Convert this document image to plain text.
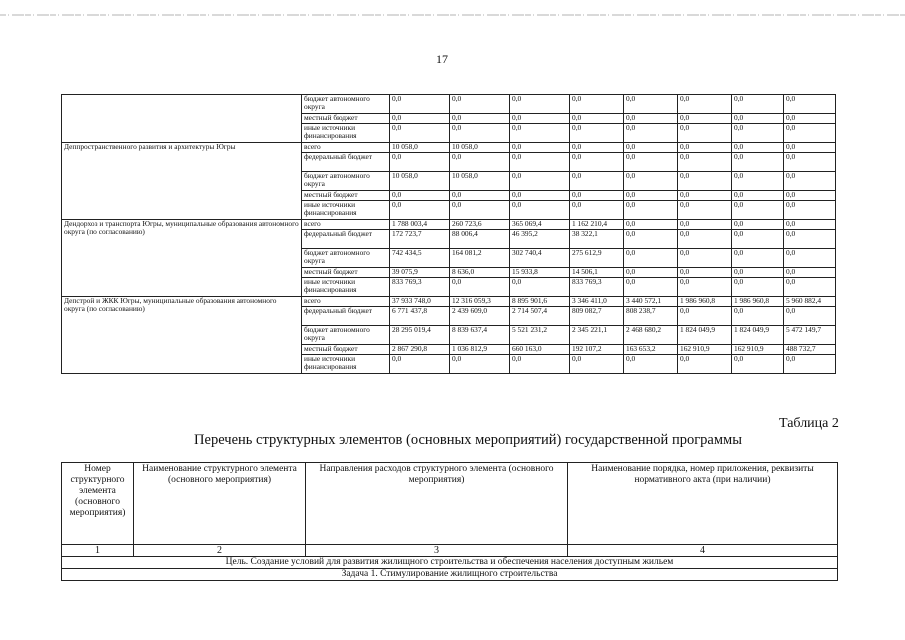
17
	бюджет автономного округа	0,0	0,0	0,0	0,0	0,0	0,0	0,0	0,0
	местный бюджет	0,0	0,0	0,0	0,0	0,0	0,0	0,0	0,0
	иные источники финансирования	0,0	0,0	0,0	0,0	0,0	0,0	0,0	0,0
Деппространственного развития и архитектуры Югры	всего	10 058,0	10 058,0	0,0	0,0	0,0	0,0	0,0	0,0
	федеральный бюджет	0,0	0,0	0,0	0,0	0,0	0,0	0,0	0,0
	бюджет автономного округа	10 058,0	10 058,0	0,0	0,0	0,0	0,0	0,0	0,0
	местный бюджет	0,0	0,0	0,0	0,0	0,0	0,0	0,0	0,0
	иные источники финансирования	0,0	0,0	0,0	0,0	0,0	0,0	0,0	0,0
Дендорхоз и транспорта Югры, муниципальные образования автономного округа (по согласованию)	всего	1 788 003,4	260 723,6	365 069,4	1 162 210,4	0,0	0,0	0,0	0,0
	федеральный бюджет	172 723,7	88 006,4	46 395,2	38 322,1	0,0	0,0	0,0	0,0
	бюджет автономного округа	742 434,5	164 081,2	302 740,4	275 612,9	0,0	0,0	0,0	0,0
	местный бюджет	39 075,9	8 636,0	15 933,8	14 506,1	0,0	0,0	0,0	0,0
	иные источники финансирования	833 769,3	0,0	0,0	833 769,3	0,0	0,0	0,0	0,0
Депстрой и ЖКК Югры, муниципальные образования автономного округа (по согласованию)	всего	37 933 748,0	12 316 059,3	8 895 901,6	3 346 411,0	3 440 572,1	1 986 960,8	1 986 960,8	5 960 882,4
	федеральный бюджет	6 771 437,8	2 439 609,0	2 714 507,4	809 082,7	808 238,7	0,0	0,0	0,0
	бюджет автономного округа	28 295 019,4	8 839 637,4	5 521 231,2	2 345 221,1	2 468 680,2	1 824 049,9	1 824 049,9	5 472 149,7
	местный бюджет	2 867 290,8	1 036 812,9	660 163,0	192 107,2	163 653,2	162 910,9	162 910,9	488 732,7
	иные источники финансирования	0,0	0,0	0,0	0,0	0,0	0,0	0,0	0,0
Таблица 2
Перечень структурных элементов (основных мероприятий) государственной программы
Номер структурного элемента (основного мероприятия)	Наименование структурного элемента (основного мероприятия)	Направления расходов структурного элемента (основного мероприятия)	Наименование порядка, номер приложения, реквизиты нормативного акта (при наличии)
1	2	3	4
Цель. Создание условий для развития жилищного строительства и обеспечения населения доступным жильем			
Задача 1. Стимулирование жилищного строительства			
